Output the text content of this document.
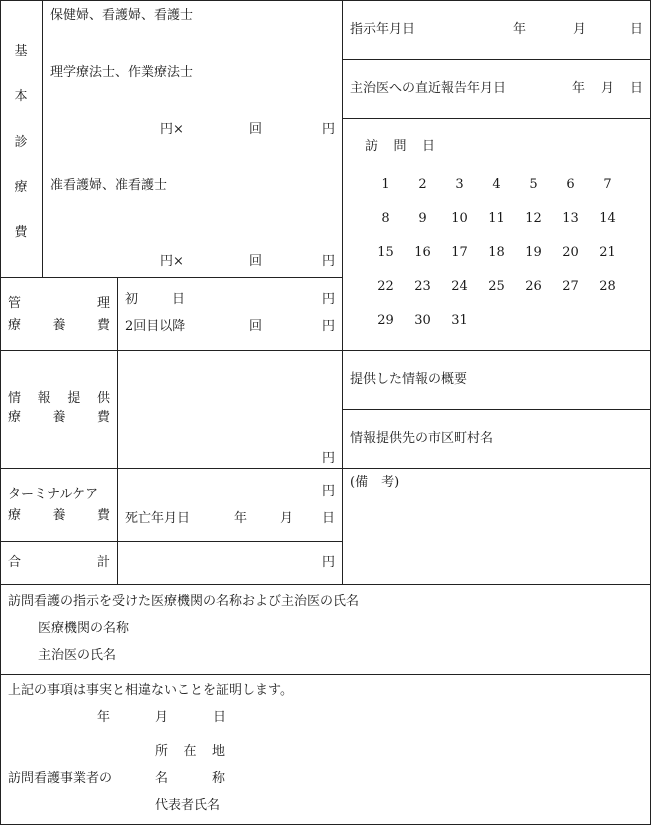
基
本
診
療
費
保健婦、看護婦、看護士
理学療法士、作業療法士
円×	回	円
准看護婦、准看護士
円×	回	円
管	理
療 養 費
初	日	円
2回目以降	回	円
情 報 提 供
療 養 費
円
ターミナルケア
療 養 費
円
死亡年月日	年	月 日
合	計	円
指示年月日	年	月	日
主治医への直近報告年月日	年 月 日
訪 問 日
1	2	3	4	5	6	7
8	9	10	11	12	13	14
15	16	17	18	19	20	21
22	23	24	25	26	27	28
29	30	31
提供した情報の概要
情報提供先の市区町村名
(備　考)
訪問看護の指示を受けた医療機関の名称および主治医の氏名
医療機関の名称
主治医の氏名
上記の事項は事実と相違ないことを証明します。
年	月	日
訪問看護事業者の
所 在 地
名	称
代表者氏名
